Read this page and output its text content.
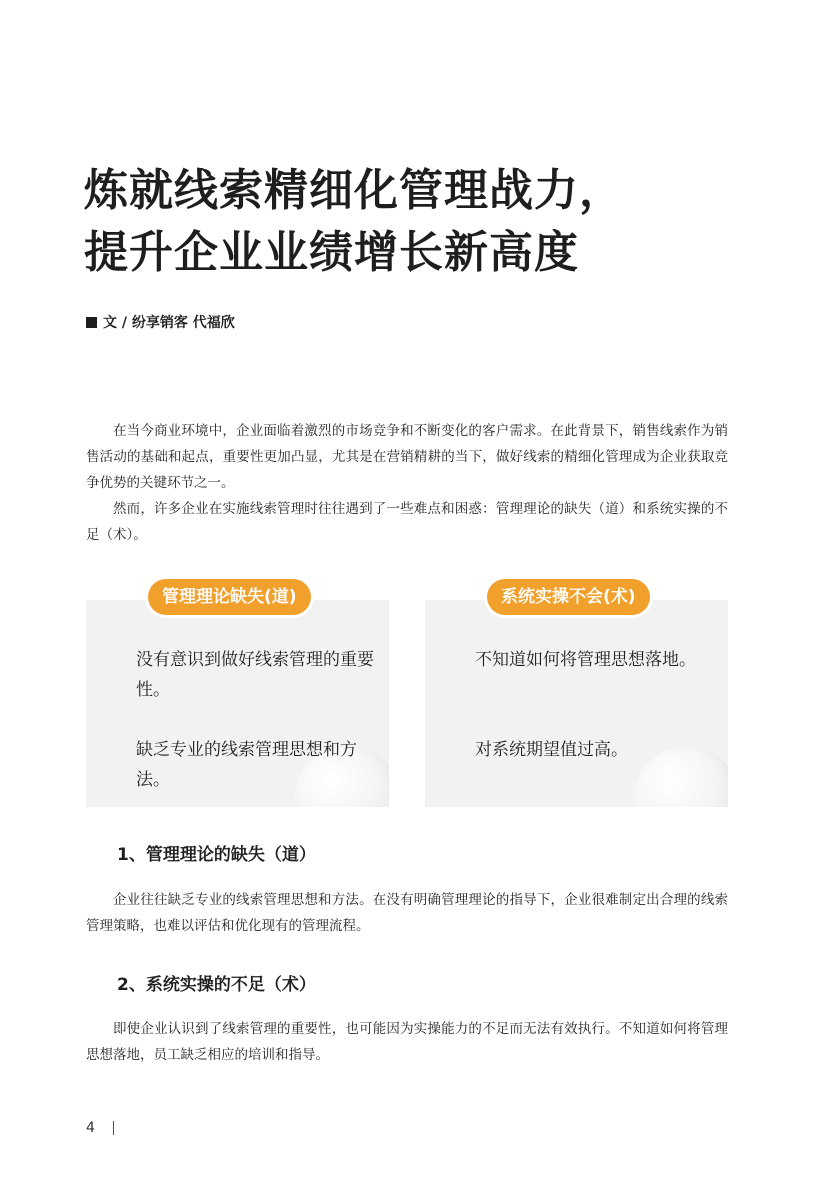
炼就线索精细化管理战力，
提升企业业绩增长新高度
文 / 纷享销客 代福欣

在当今商业环境中，企业面临着激烈的市场竞争和不断变化的客户需求。在此背景下，销售线索作为销售活动的基础和起点，重要性更加凸显，尤其是在营销精耕的当下，做好线索的精细化管理成为企业获取竞争优势的关键环节之一。

然而，许多企业在实施线索管理时往往遇到了一些难点和困惑：管理理论的缺失（道）和系统实操的不足（术）。

没有意识到做好线索管理的重要性。
缺乏专业的线索管理思想和方法。
管理理论缺失(道)
不知道如何将管理思想落地。
对系统期望值过高。
系统实操不会(术)
1、管理理论的缺失（道）

企业往往缺乏专业的线索管理思想和方法。在没有明确管理理论的指导下，企业很难制定出合理的线索管理策略，也难以评估和优化现有的管理流程。

2、系统实操的不足（术）

即使企业认识到了线索管理的重要性，也可能因为实操能力的不足而无法有效执行。不知道如何将管理思想落地，员工缺乏相应的培训和指导。

4
